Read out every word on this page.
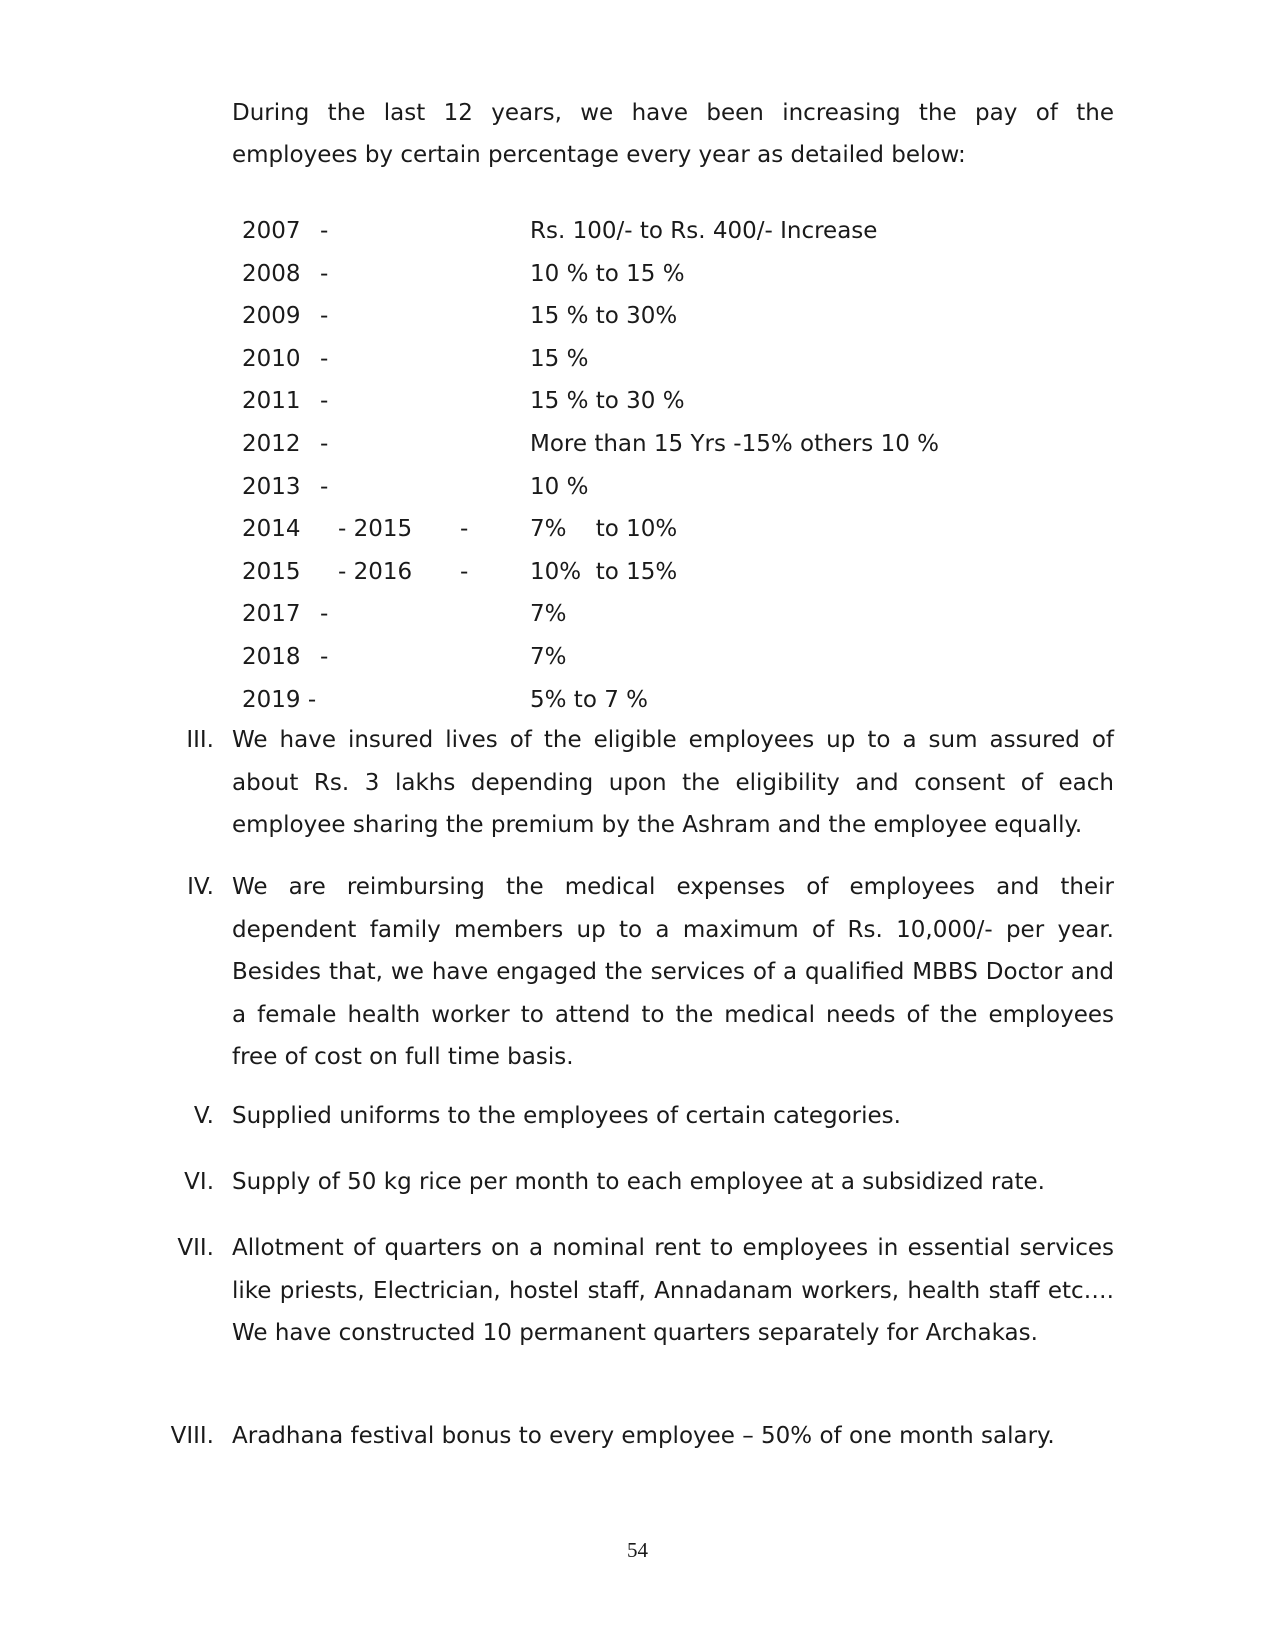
During the last 12 years, we have been increasing the pay of the
employees by certain percentage every year as detailed below:
2007 -	Rs. 100/- to Rs. 400/- Increase
2008 -	10 % to 15 %
2009 -	15 % to 30%
2010 -	15 %
2011 -	15 % to 30 %
2012 -	More than 15 Yrs -15% others 10 %
2013 -	10 %
2014 - 2015 -	7%    to 10%
2015 - 2016 -	10%  to 15%
2017 -	7%
2018 -	7%
2019 -	5% to 7 %
III. We have insured lives of the eligible employees up to a sum assured of about Rs. 3 lakhs depending upon the eligibility and consent of each employee sharing the premium by the Ashram and the employee equally.
IV. We are reimbursing the medical expenses of employees and their dependent family members up to a maximum of Rs. 10,000/- per year. Besides that, we have engaged the services of a qualified MBBS Doctor and a female health worker to attend to the medical needs of the employees free of cost on full time basis.
V. Supplied uniforms to the employees of certain categories.
VI. Supply of 50 kg rice per month to each employee at a subsidized rate.
VII. Allotment of quarters on a nominal rent to employees in essential services like priests, Electrician, hostel staff, Annadanam workers, health staff etc…. We have constructed 10 permanent quarters separately for Archakas.
VIII. Aradhana festival bonus to every employee – 50% of one month salary.
54
